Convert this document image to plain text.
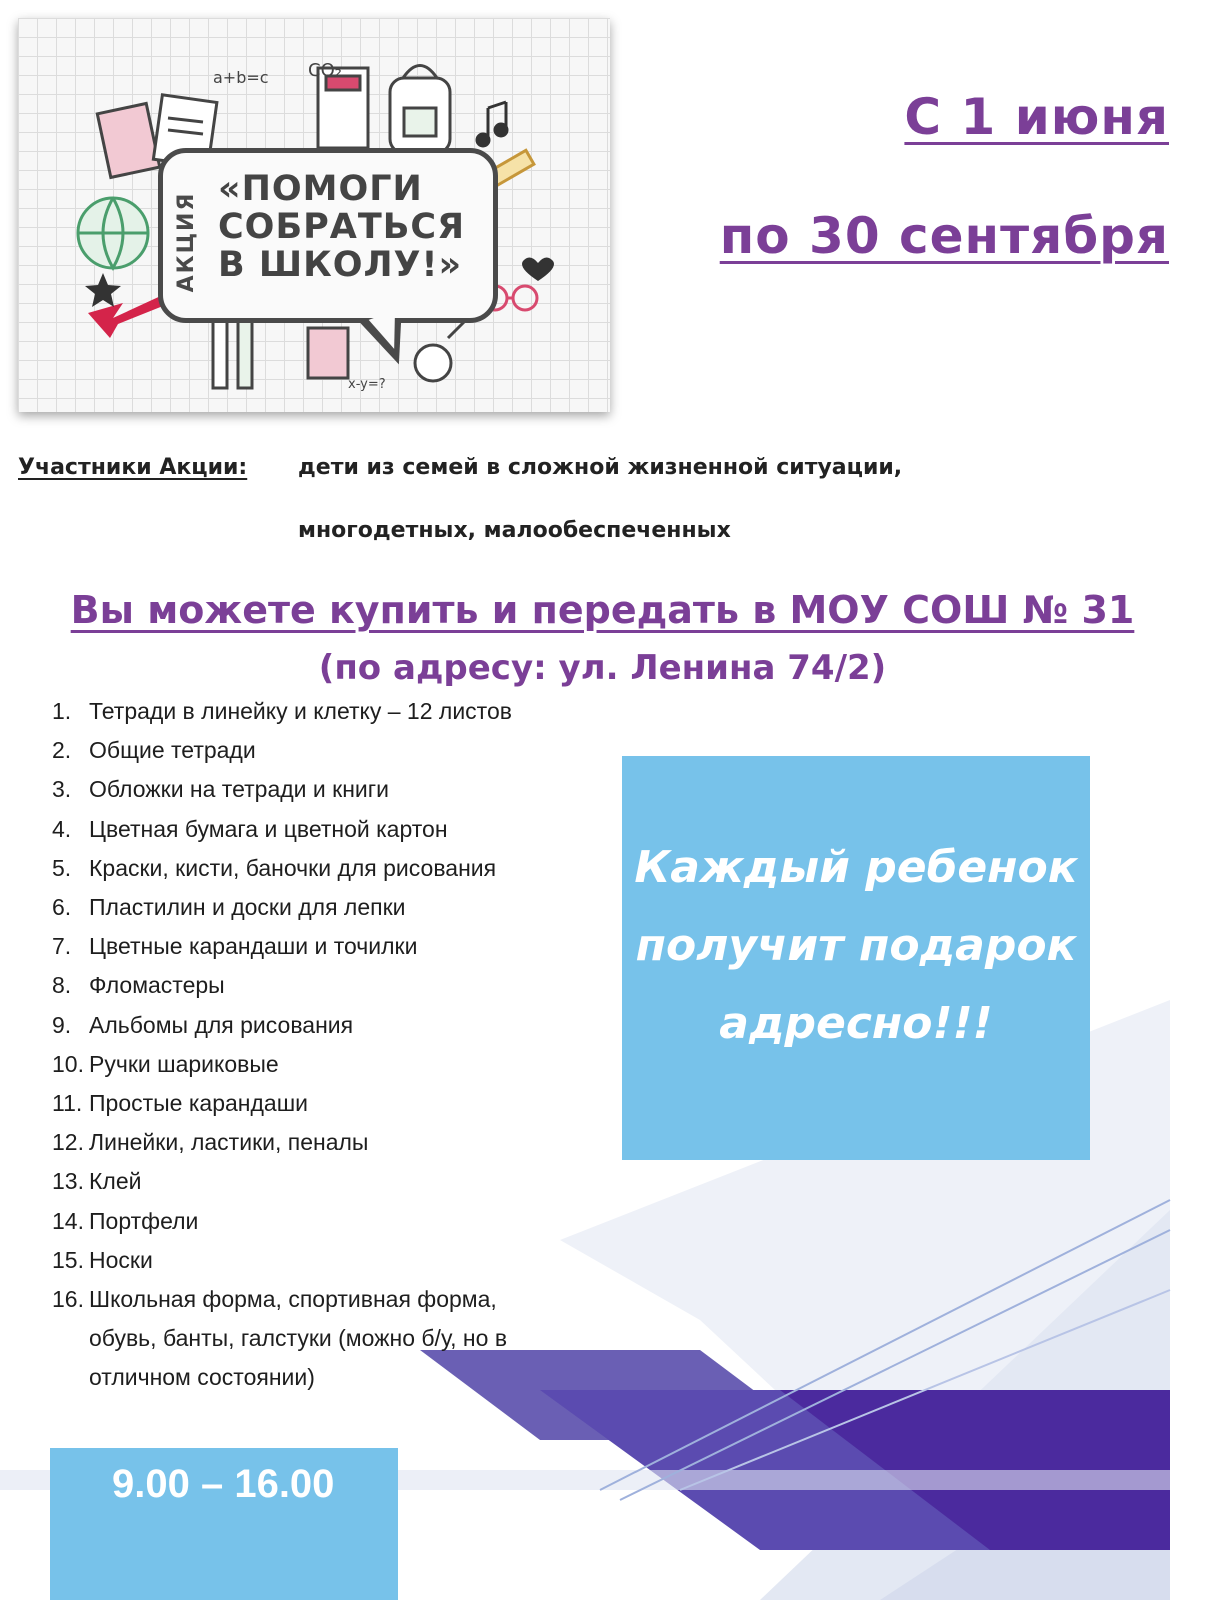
a+b=c CO₂
x-y=?
АКЦИЯ
«ПОМОГИ
СОБРАТЬСЯ
В ШКОЛУ!»
С 1 июня
по 30 сентября
Участники Акции: дети из семей в сложной жизненной ситуации,
многодетных, малообеспеченных
Вы можете купить и передать в МОУ СОШ № 31
(по адресу: ул. Ленина 74/2)
1. Тетради в линейку и клетку – 12 листов
2. Общие тетради
3. Обложки на тетради и книги
4. Цветная бумага и цветной картон
5. Краски, кисти, баночки для рисования
6. Пластилин и доски для лепки
7. Цветные карандаши и точилки
8. Фломастеры
9. Альбомы для рисования
10. Ручки шариковые
11. Простые карандаши
12. Линейки, ластики, пеналы
13. Клей
14. Портфели
15. Носки
16. Школьная форма, спортивная форма, обувь, банты, галстуки (можно б/у, но в отличном состоянии)

Каждый ребенок

получит подарок

адресно!!!

9.00 – 16.00
